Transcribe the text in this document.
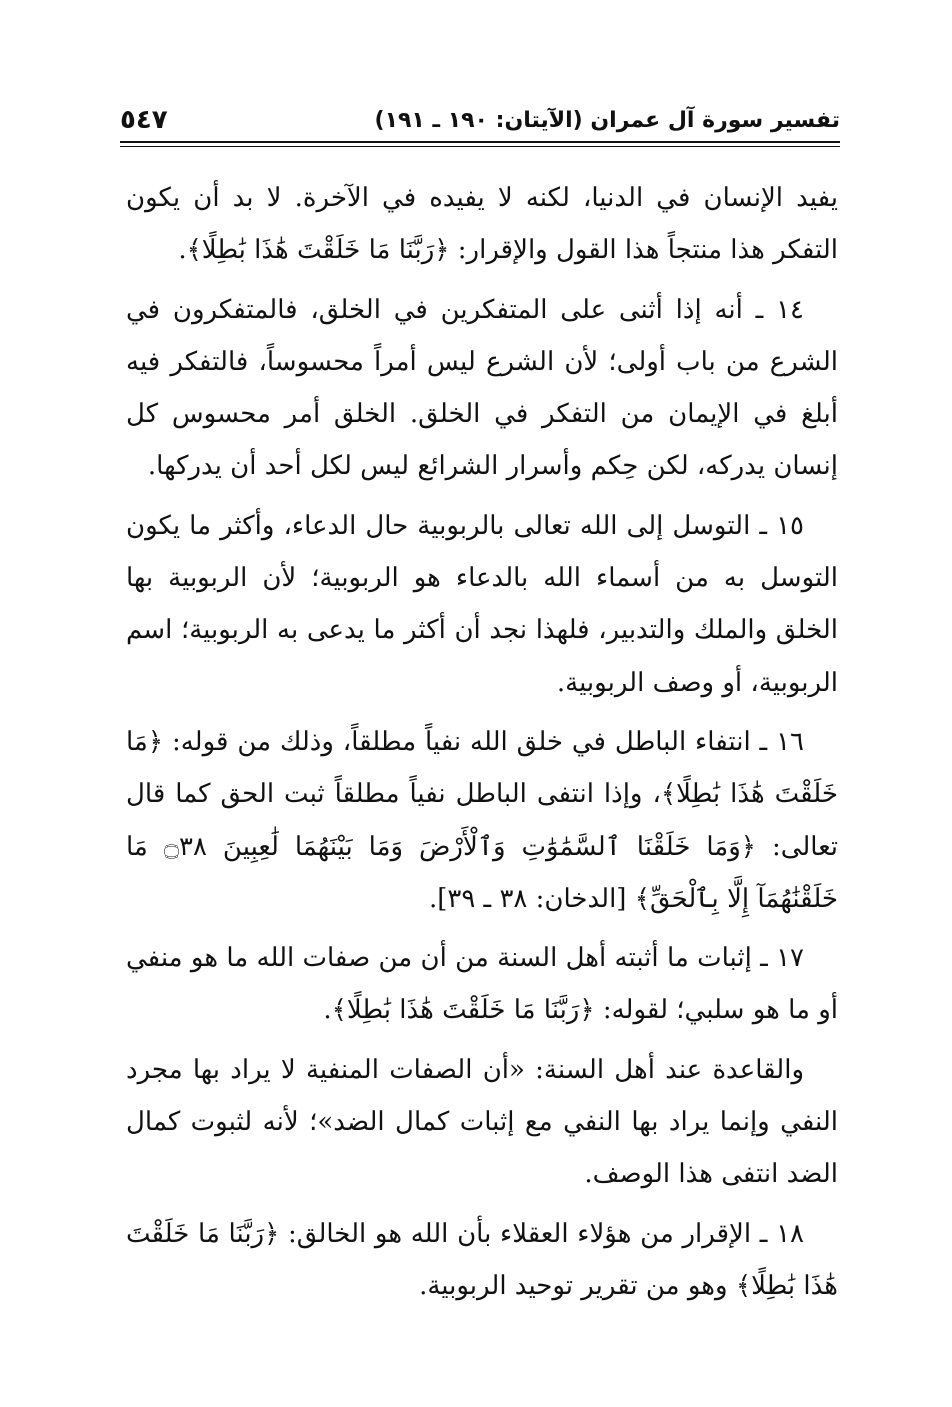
تفسير سورة آل عمران (الآيتان: ١٩٠ ـ ١٩١)
٥٤٧

يفيد الإنسان في الدنيا، لكنه لا يفيده في الآخرة. لا بد أن يكون التفكر هذا منتجاً هذا القول والإقرار: ﴿رَبَّنَا مَا خَلَقْتَ هَٰذَا بَٰطِلًا﴾.

١٤ ـ أنه إذا أثنى على المتفكرين في الخلق، فالمتفكرون في الشرع من باب أولى؛ لأن الشرع ليس أمراً محسوساً، فالتفكر فيه أبلغ في الإيمان من التفكر في الخلق. الخلق أمر محسوس كل إنسان يدركه، لكن حِكم وأسرار الشرائع ليس لكل أحد أن يدركها.

١٥ ـ التوسل إلى الله تعالى بالربوبية حال الدعاء، وأكثر ما يكون التوسل به من أسماء الله بالدعاء هو الربوبية؛ لأن الربوبية بها الخلق والملك والتدبير، فلهذا نجد أن أكثر ما يدعى به الربوبية؛ اسم الربوبية، أو وصف الربوبية.

١٦ ـ انتفاء الباطل في خلق الله نفياً مطلقاً، وذلك من قوله: ﴿مَا خَلَقْتَ هَٰذَا بَٰطِلًا﴾، وإذا انتفى الباطل نفياً مطلقاً ثبت الحق كما قال تعالى: ﴿وَمَا خَلَقْنَا ٱلسَّمَٰوَٰتِ وَٱلْأَرْضَ وَمَا بَيْنَهُمَا لَٰعِبِينَ ۝٣٨ مَا خَلَقْنَٰهُمَآ إِلَّا بِٱلْحَقِّ﴾ [الدخان: ٣٨ ـ ٣٩].

١٧ ـ إثبات ما أثبته أهل السنة من أن من صفات الله ما هو منفي أو ما هو سلبي؛ لقوله: ﴿رَبَّنَا مَا خَلَقْتَ هَٰذَا بَٰطِلًا﴾.

والقاعدة عند أهل السنة: «أن الصفات المنفية لا يراد بها مجرد النفي وإنما يراد بها النفي مع إثبات كمال الضد»؛ لأنه لثبوت كمال الضد انتفى هذا الوصف.

١٨ ـ الإقرار من هؤلاء العقلاء بأن الله هو الخالق: ﴿رَبَّنَا مَا خَلَقْتَ هَٰذَا بَٰطِلًا﴾ وهو من تقرير توحيد الربوبية.
